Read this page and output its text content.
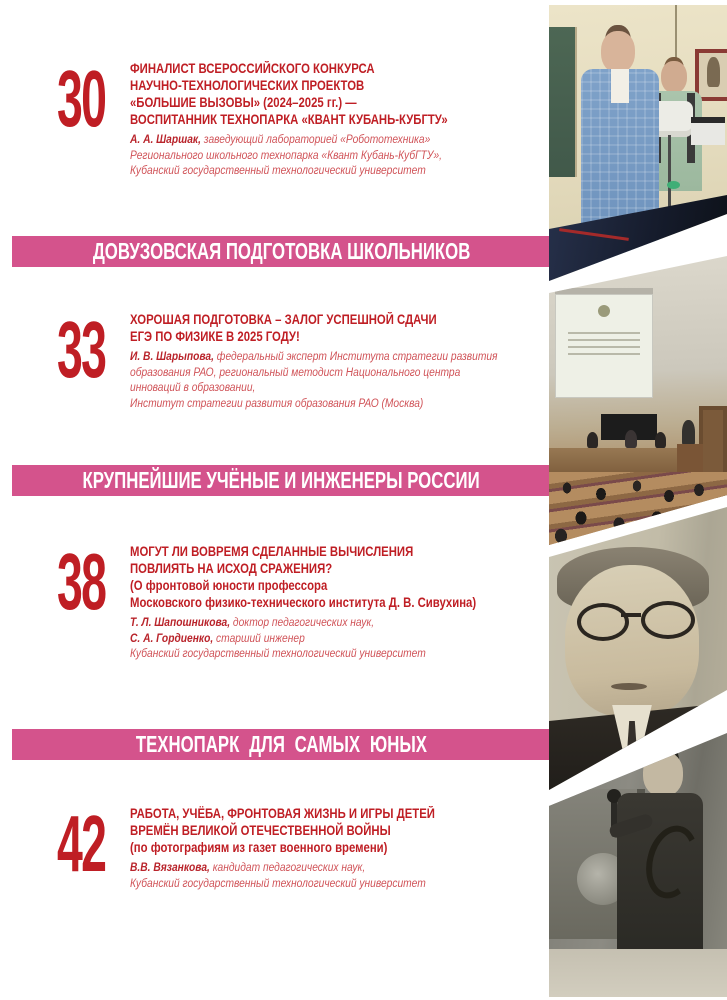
30 ФИНАЛИСТ ВСЕРОССИЙСКОГО КОНКУРСА
НАУЧНО-ТЕХНОЛОГИЧЕСКИХ ПРОЕКТОВ
«БОЛЬШИЕ ВЫЗОВЫ» (2024–2025 гг.) —
ВОСПИТАННИК ТЕХНОПАРКА «КВАНТ КУБАНЬ-КУБГТУ»
А. А. Шаршак, заведующий лабораторией «Робототехника»
Регионального школьного технопарка «Квант Кубань-КубГТУ»,
Кубанский государственный технологический университет
ДОВУЗОВСКАЯ ПОДГОТОВКА ШКОЛЬНИКОВ
33 ХОРОШАЯ ПОДГОТОВКА – ЗАЛОГ УСПЕШНОЙ СДАЧИ
ЕГЭ ПО ФИЗИКЕ В 2025 ГОДУ!
И. В. Шарыпова, федеральный эксперт Института стратегии развития
образования РАО, региональный методист Национального центра
инноваций в образовании,
Институт стратегии развития образования РАО (Москва)
КРУПНЕЙШИЕ УЧЁНЫЕ И ИНЖЕНЕРЫ РОССИИ
38 МОГУТ ЛИ ВОВРЕМЯ СДЕЛАННЫЕ ВЫЧИСЛЕНИЯ
ПОВЛИЯТЬ НА ИСХОД СРАЖЕНИЯ?
(О фронтовой юности профессора
Московского физико-технического института Д. В. Сивухина)
Т. Л. Шапошникова, доктор педагогических наук,
С. А. Гордиенко, старший инженер
Кубанский государственный технологический университет
ТЕХНОПАРК ДЛЯ САМЫХ ЮНЫХ
42 РАБОТА, УЧЁБА, ФРОНТОВАЯ ЖИЗНЬ И ИГРЫ ДЕТЕЙ
ВРЕМЁН ВЕЛИКОЙ ОТЕЧЕСТВЕННОЙ ВОЙНЫ
(по фотографиям из газет военного времени)
В.В. Вязанкова, кандидат педагогических наук,
Кубанский государственный технологический университет
